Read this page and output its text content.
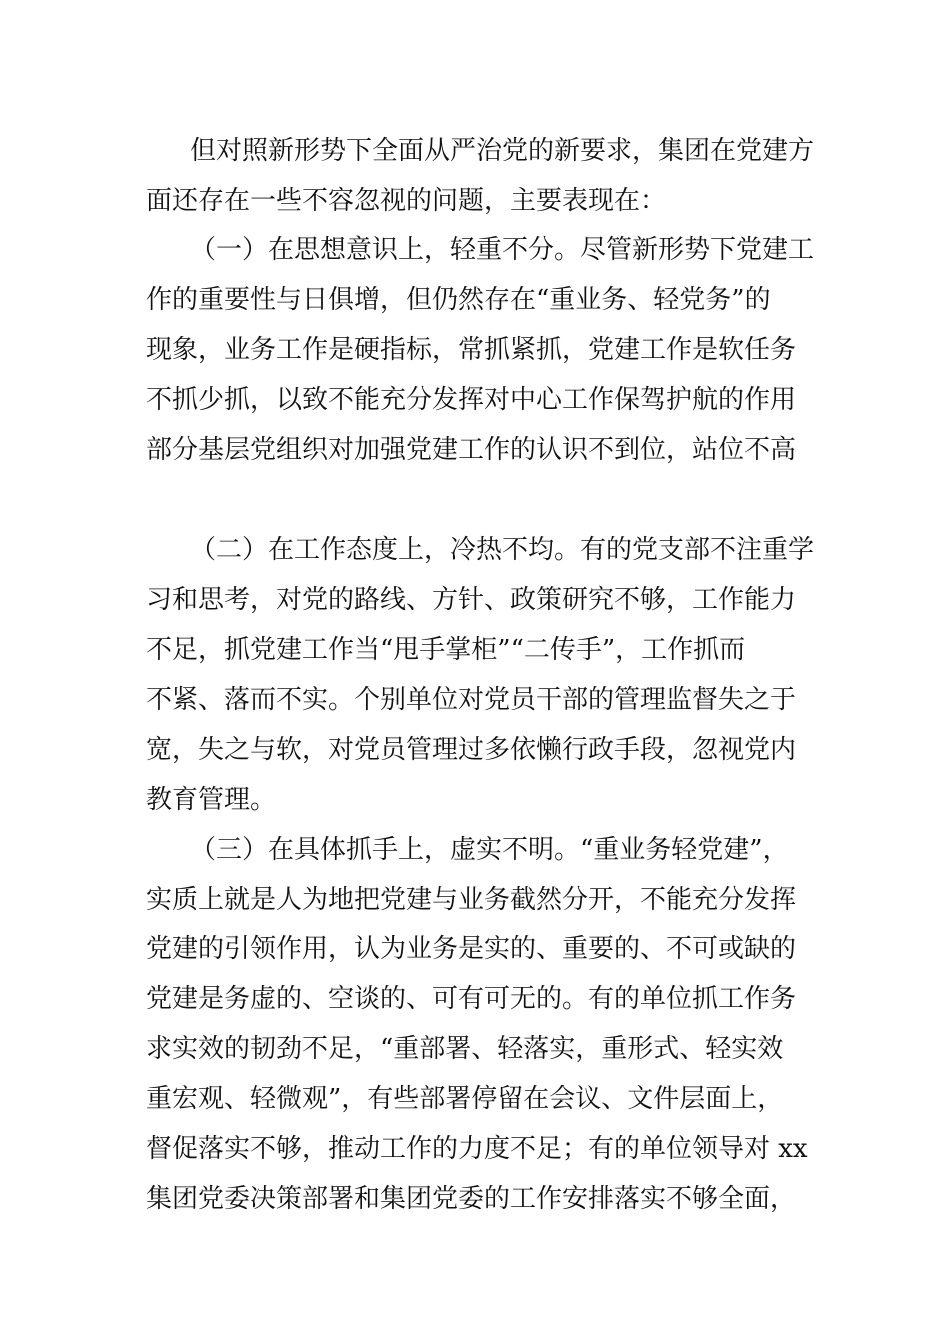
但对照新形势下全面从严治党的新要求，集团在党建方
面还存在一些不容忽视的问题，主要表现在：
（一）在思想意识上，轻重不分。尽管新形势下党建工
作的重要性与日俱增，但仍然存在“重业务、轻党务”的
现象，业务工作是硬指标，常抓紧抓，党建工作是软任务
不抓少抓，以致不能充分发挥对中心工作保驾护航的作用
部分基层党组织对加强党建工作的认识不到位，站位不高
（二）在工作态度上，冷热不均。有的党支部不注重学
习和思考，对党的路线、方针、政策研究不够，工作能力
不足，抓党建工作当“甩手掌柜”“二传手”，工作抓而
不紧、落而不实。个别单位对党员干部的管理监督失之于
宽，失之与软，对党员管理过多依懒行政手段，忽视党内
教育管理。
（三）在具体抓手上，虚实不明。“重业务轻党建”，
实质上就是人为地把党建与业务截然分开，不能充分发挥
党建的引领作用，认为业务是实的、重要的、不可或缺的
党建是务虚的、空谈的、可有可无的。有的单位抓工作务
求实效的韧劲不足，“重部署、轻落实，重形式、轻实效
重宏观、轻微观”，有些部署停留在会议、文件层面上，
督促落实不够，推动工作的力度不足；有的单位领导对 xx
集团党委决策部署和集团党委的工作安排落实不够全面，
